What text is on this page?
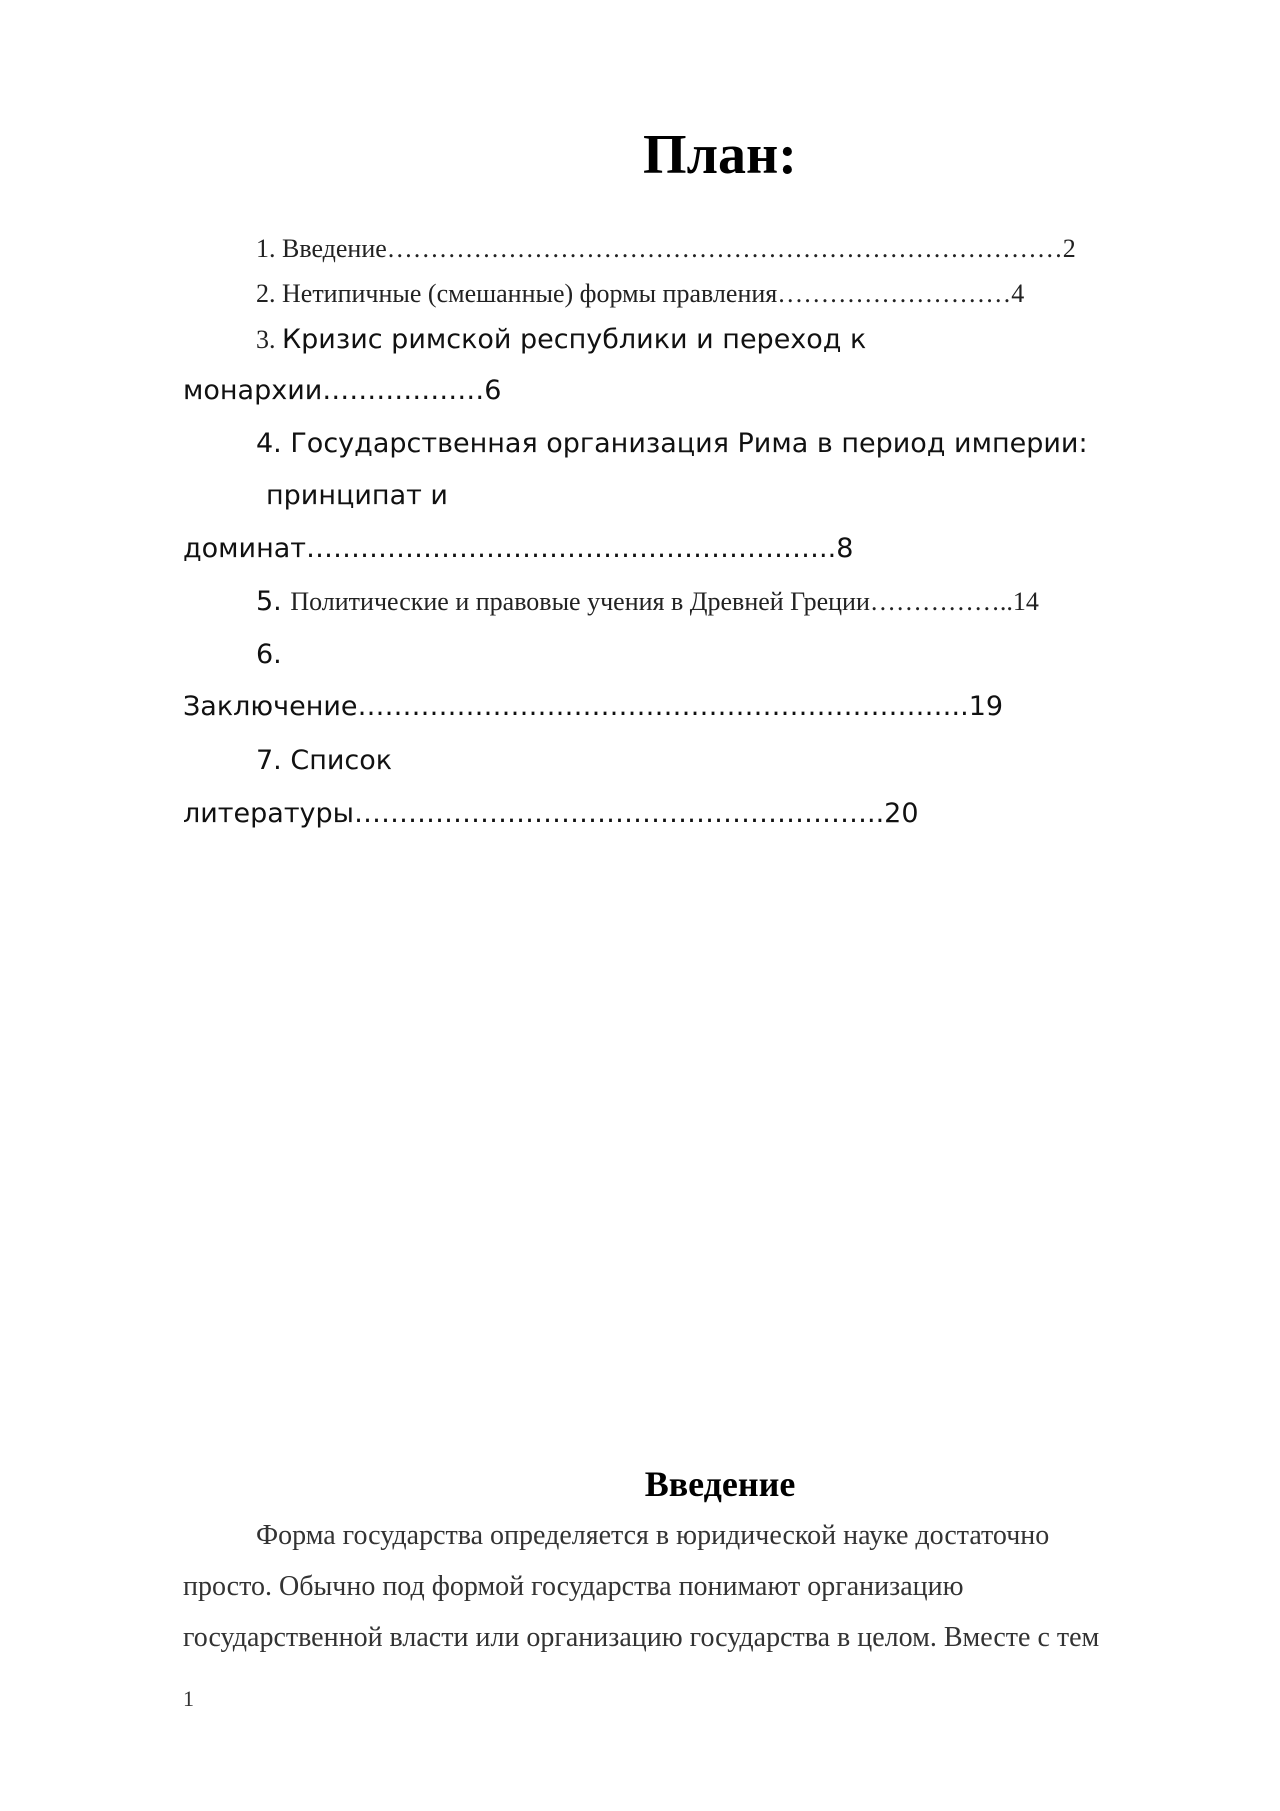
План:
1. Введение……………………………………………………………………2
2. Нетипичные (смешанные) формы правления………………………4
3. Кризис римской республики и переход к
монархии………………6
4. Государственная организация Рима в период империи:
принципат и
доминат…………………………………………………..8
5. Политические и правовые учения в Древней Греции……………..14
6.
Заключение…………………………………………………………..19
7. Список
литературы…………………………………………………..20
Введение
Форма государства определяется в юридической науке достаточно
просто. Обычно под формой государства понимают организацию
государственной власти или организацию государства в целом. Вместе с тем
1
